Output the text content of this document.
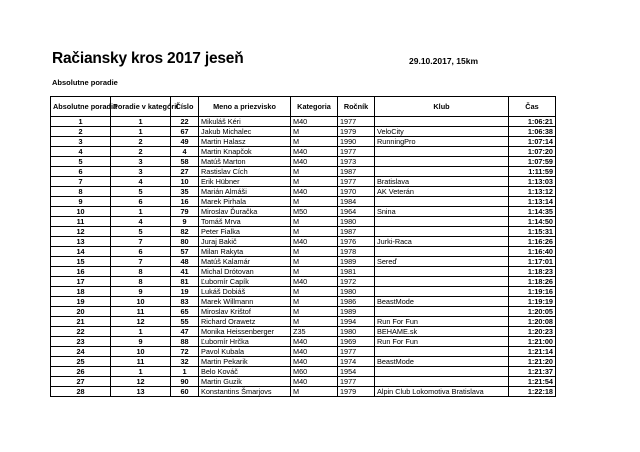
Račiansky kros 2017 jeseň	29.10.2017, 15km
Absolutne poradie
Absolutne poradia	Poradie v kategórii	Číslo	Meno a priezvisko	Kategoria	Ročník	Klub	Čas
1	1	22	Mikuláš Kéri	M40	1977		1:06:21
2	1	67	Jakub Michalec	M	1979	VeloCity	1:06:38
3	2	49	Martin Halasz	M	1990	RunningPro	1:07:14
4	2	4	Martin Knapčok	M40	1977		1:07:20
5	3	58	Matúš Marton	M40	1973		1:07:59
6	3	27	Rastislav Cích	M	1987		1:11:59
7	4	10	Erik Hübner	M	1977	Bratislava	1:13:03
8	5	35	Marián Almáši	M40	1970	AK Veterán	1:13:12
9	6	16	Marek Pirhala	M	1984		1:13:14
10	1	79	Miroslav Ďuračka	M50	1964	Snina	1:14:35
11	4	9	Tomáš Mrva	M	1980		1:14:50
12	5	82	Peter Fialka	M	1987		1:15:31
13	7	80	Juraj Bakič	M40	1976	Jurki-Raca	1:16:26
14	6	57	Milan Rakyta	M	1978		1:16:40
15	7	48	Matúš Kalamár	M	1989	Sereď	1:17:01
16	8	41	Michal Drótovan	M	1981		1:18:23
17	8	81	Ľubomír Capík	M40	1972		1:18:26
18	9	19	Lukáš Dobiáš	M	1980		1:19:16
19	10	83	Marek Willmann	M	1986	BeastMode	1:19:19
20	11	65	Miroslav Krištof	M	1989		1:20:05
21	12	55	Richard Orawetz	M	1994	Run For Fun	1:20:08
22	1	47	Monika Heissenberger	Z35	1980	BEHAME.sk	1:20:23
23	9	88	Ľubomír Hrčka	M40	1969	Run For Fun	1:21:00
24	10	72	Pavol Kubala	M40	1977		1:21:14
25	11	32	Martin Pekarik	M40	1974	BeastMode	1:21:20
26	1	1	Belo Kováč	M60	1954		1:21:37
27	12	90	Martin Guzik	M40	1977		1:21:54
28	13	60	Konstantins Šmarjovs	M	1979	Alpin Club Lokomotiva Bratislava	1:22:18
